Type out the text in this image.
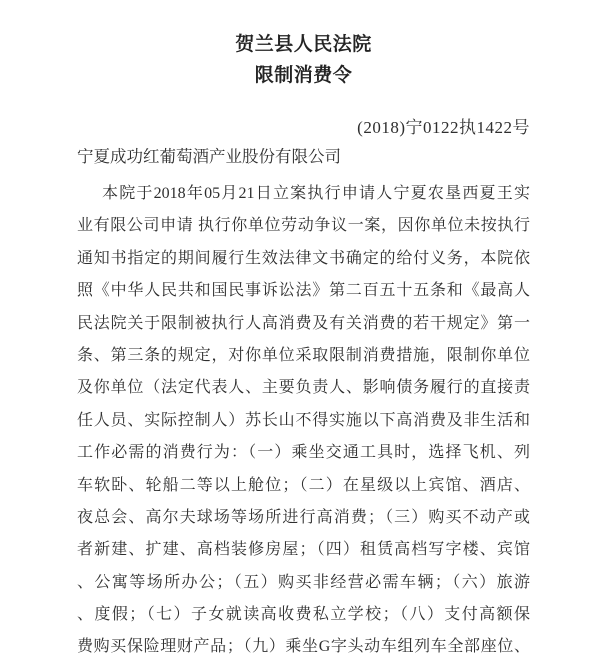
贺兰县人民法院
限制消费令
(2018)宁0122执1422号
宁夏成功红葡萄酒产业股份有限公司
本院于2018年05月21日立案执行申请人宁夏农垦西夏王实
业有限公司申请 执行你单位劳动争议一案，因你单位未按执行
通知书指定的期间履行生效法律文书确定的给付义务，本院依
照《中华人民共和国民事诉讼法》第二百五十五条和《最高人
民法院关于限制被执行人高消费及有关消费的若干规定》第一
条、第三条的规定，对你单位采取限制消费措施，限制你单位
及你单位（法定代表人、主要负责人、影响债务履行的直接责
任人员、实际控制人）苏长山不得实施以下高消费及非生活和
工作必需的消费行为：（一）乘坐交通工具时，选择飞机、列
车软卧、轮船二等以上舱位；（二）在星级以上宾馆、酒店、
夜总会、高尔夫球场等场所进行高消费；（三）购买不动产或
者新建、扩建、高档装修房屋；（四）租赁高档写字楼、宾馆
、公寓等场所办公；（五）购买非经营必需车辆；（六）旅游
、度假；（七）子女就读高收费私立学校；（八）支付高额保
费购买保险理财产品；（九）乘坐G字头动车组列车全部座位、
